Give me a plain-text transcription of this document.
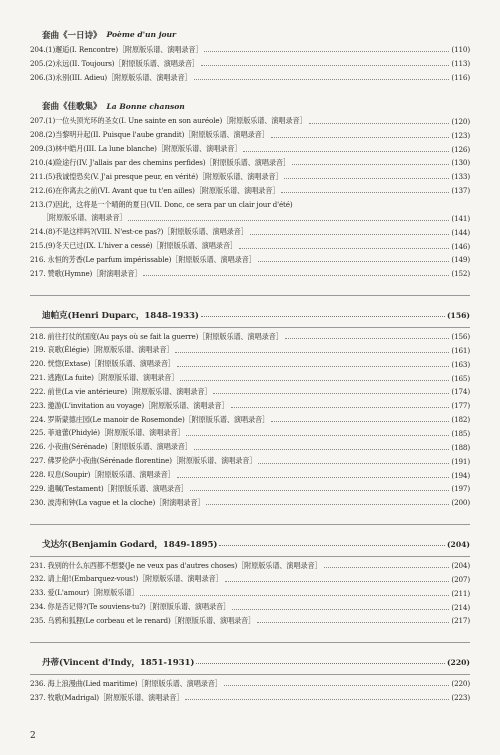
套曲《一日诗》 Poème d'un jour
204.(1)邂逅(I. Rencontre)［附原版乐谱、演唱录音］	(110)
205.(2)永远(II. Toujours)［附原版乐谱、演唱录音］	(113)
206.(3)永别(III. Adieu)［附原版乐谱、演唱录音］	(116)
套曲《佳歌集》 La Bonne chanson
207.(1)一位头顶光环的圣女(I. Une sainte en son auréole)［附原版乐谱、演唱录音］	(120)
208.(2)当黎明升起(II. Puisque l'aube grandit)［附原版乐谱、演唱录音］	(123)
209.(3)林中皓月(III. La lune blanche)［附原版乐谱、演唱录音］	(126)
210.(4)险途行(IV. J'allais par des chemins perfides)［附原版乐谱、演唱录音］	(130)
211.(5)我诚惶恐矣(V. J'ai presque peur, en vérité)［附原版乐谱、演唱录音］	(133)
212.(6)在你离去之前(VI. Avant que tu t'en ailles)［附原版乐谱、演唱录音］	(137)
213.(7)因此，这将是一个晴朗的夏日(VII. Donc, ce sera par un clair jour d'été)
［附原版乐谱、演唱录音］	(141)
214.(8)不是这样吗?(VIII. N'est-ce pas?)［附原版乐谱、演唱录音］	(144)
215.(9)冬天已过(IX. L'hiver a cessé)［附原版乐谱、演唱录音］	(146)
216. 永恒的芳香(Le parfum impérissable)［附原版乐谱、演唱录音］	(149)
217. 赞歌(Hymne)［附演唱录音］	(152)
迪帕克(Henri Duparc，1848-1933)	(156)
218. 前往打仗的国度(Au pays où se fait la guerre)［附原版乐谱、演唱录音］	(156)
219. 哀歌(Élégie)［附原版乐谱、演唱录音］	(161)
220. 恍惚(Extase)［附原版乐谱、演唱录音］	(163)
221. 逃跑(La fuite)［附原版乐谱、演唱录音］	(165)
222. 前世(La vie antérieure)［附原版乐谱、演唱录音］	(174)
223. 邀游(L'invitation au voyage)［附原版乐谱、演唱录音］	(177)
224. 罗斯蒙德庄园(Le manoir de Rosemonde)［附原版乐谱、演唱录音］	(182)
225. 菲迪蕾(Phidylé)［附原版乐谱、演唱录音］	(185)
226. 小夜曲(Sérénade)［附原版乐谱、演唱录音］	(188)
227. 佛罗伦萨小夜曲(Sérénade florentine)［附原版乐谱、演唱录音］	(191)
228. 叹息(Soupir)［附原版乐谱、演唱录音］	(194)
229. 遗嘱(Testament)［附原版乐谱、演唱录音］	(197)
230. 波涛和钟(La vague et la cloche)［附演唱录音］	(200)
戈达尔(Benjamin Godard，1849-1895)	(204)
231. 我别的什么东西都不想要(Je ne veux pas d'autres choses)［附原版乐谱、演唱录音］	(204)
232. 请上船!(Embarquez-vous!)［附原版乐谱、演唱录音］	(207)
233. 爱(L'amour)［附原版乐谱］	(211)
234. 你是否记得?(Te souviens-tu?)［附原版乐谱、演唱录音］	(214)
235. 乌鸦和狐狸(Le corbeau et le renard)［附原版乐谱、演唱录音］	(217)
丹蒂(Vincent d'Indy，1851-1931)	(220)
236. 海上浪漫曲(Lied maritime)［附原版乐谱、演唱录音］	(220)
237. 牧歌(Madrigal)［附原版乐谱、演唱录音］	(223)
2
